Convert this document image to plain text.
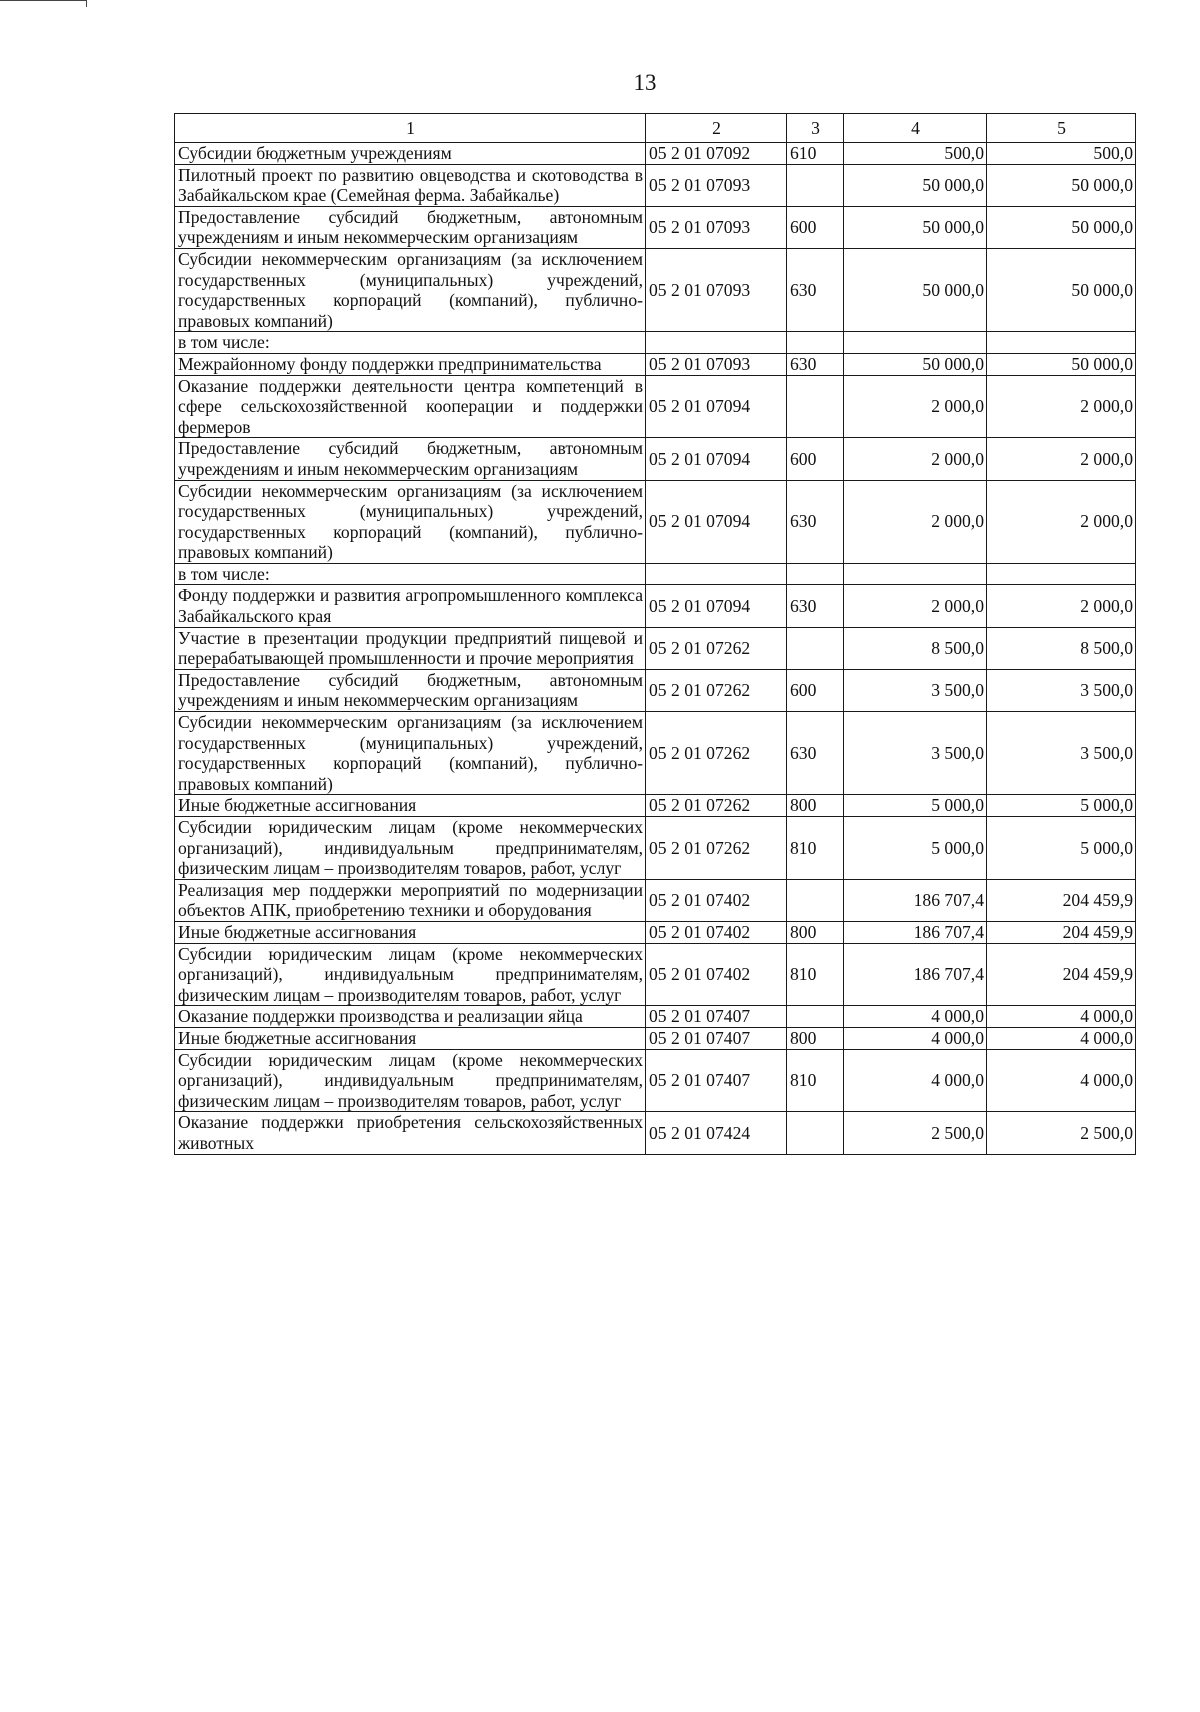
13
1	2	3	4	5
Субсидии бюджетным учреждениям	05 2 01 07092	610	500,0	500,0
Пилотный проект по развитию овцеводства и скотоводства в Забайкальском крае (Семейная ферма. Забайкалье)	05 2 01 07093		50 000,0	50 000,0
Предоставление субсидий бюджетным, автономным учреждениям и иным некоммерческим организациям	05 2 01 07093	600	50 000,0	50 000,0
Субсидии некоммерческим организациям (за исключением государственных (муниципальных) учреждений, государственных корпораций (компаний), публично-правовых компаний)	05 2 01 07093	630	50 000,0	50 000,0
в том числе:				
Межрайонному фонду поддержки предпринимательства	05 2 01 07093	630	50 000,0	50 000,0
Оказание поддержки деятельности центра компетенций в сфере сельскохозяйственной кооперации и поддержки фермеров	05 2 01 07094		2 000,0	2 000,0
Предоставление субсидий бюджетным, автономным учреждениям и иным некоммерческим организациям	05 2 01 07094	600	2 000,0	2 000,0
Субсидии некоммерческим организациям (за исключением государственных (муниципальных) учреждений, государственных корпораций (компаний), публично-правовых компаний)	05 2 01 07094	630	2 000,0	2 000,0
в том числе:				
Фонду поддержки и развития агропромышленного комплекса Забайкальского края	05 2 01 07094	630	2 000,0	2 000,0
Участие в презентации продукции предприятий пищевой и перерабатывающей промышленности и прочие мероприятия	05 2 01 07262		8 500,0	8 500,0
Предоставление субсидий бюджетным, автономным учреждениям и иным некоммерческим организациям	05 2 01 07262	600	3 500,0	3 500,0
Субсидии некоммерческим организациям (за исключением государственных (муниципальных) учреждений, государственных корпораций (компаний), публично-правовых компаний)	05 2 01 07262	630	3 500,0	3 500,0
Иные бюджетные ассигнования	05 2 01 07262	800	5 000,0	5 000,0
Субсидии юридическим лицам (кроме некоммерческих организаций), индивидуальным предпринимателям, физическим лицам – производителям товаров, работ, услуг	05 2 01 07262	810	5 000,0	5 000,0
Реализация мер поддержки мероприятий по модернизации объектов АПК, приобретению техники и оборудования	05 2 01 07402		186 707,4	204 459,9
Иные бюджетные ассигнования	05 2 01 07402	800	186 707,4	204 459,9
Субсидии юридическим лицам (кроме некоммерческих организаций), индивидуальным предпринимателям, физическим лицам – производителям товаров, работ, услуг	05 2 01 07402	810	186 707,4	204 459,9
Оказание поддержки производства и реализации яйца	05 2 01 07407		4 000,0	4 000,0
Иные бюджетные ассигнования	05 2 01 07407	800	4 000,0	4 000,0
Субсидии юридическим лицам (кроме некоммерческих организаций), индивидуальным предпринимателям, физическим лицам – производителям товаров, работ, услуг	05 2 01 07407	810	4 000,0	4 000,0
Оказание поддержки приобретения сельскохозяйственных животных	05 2 01 07424		2 500,0	2 500,0
